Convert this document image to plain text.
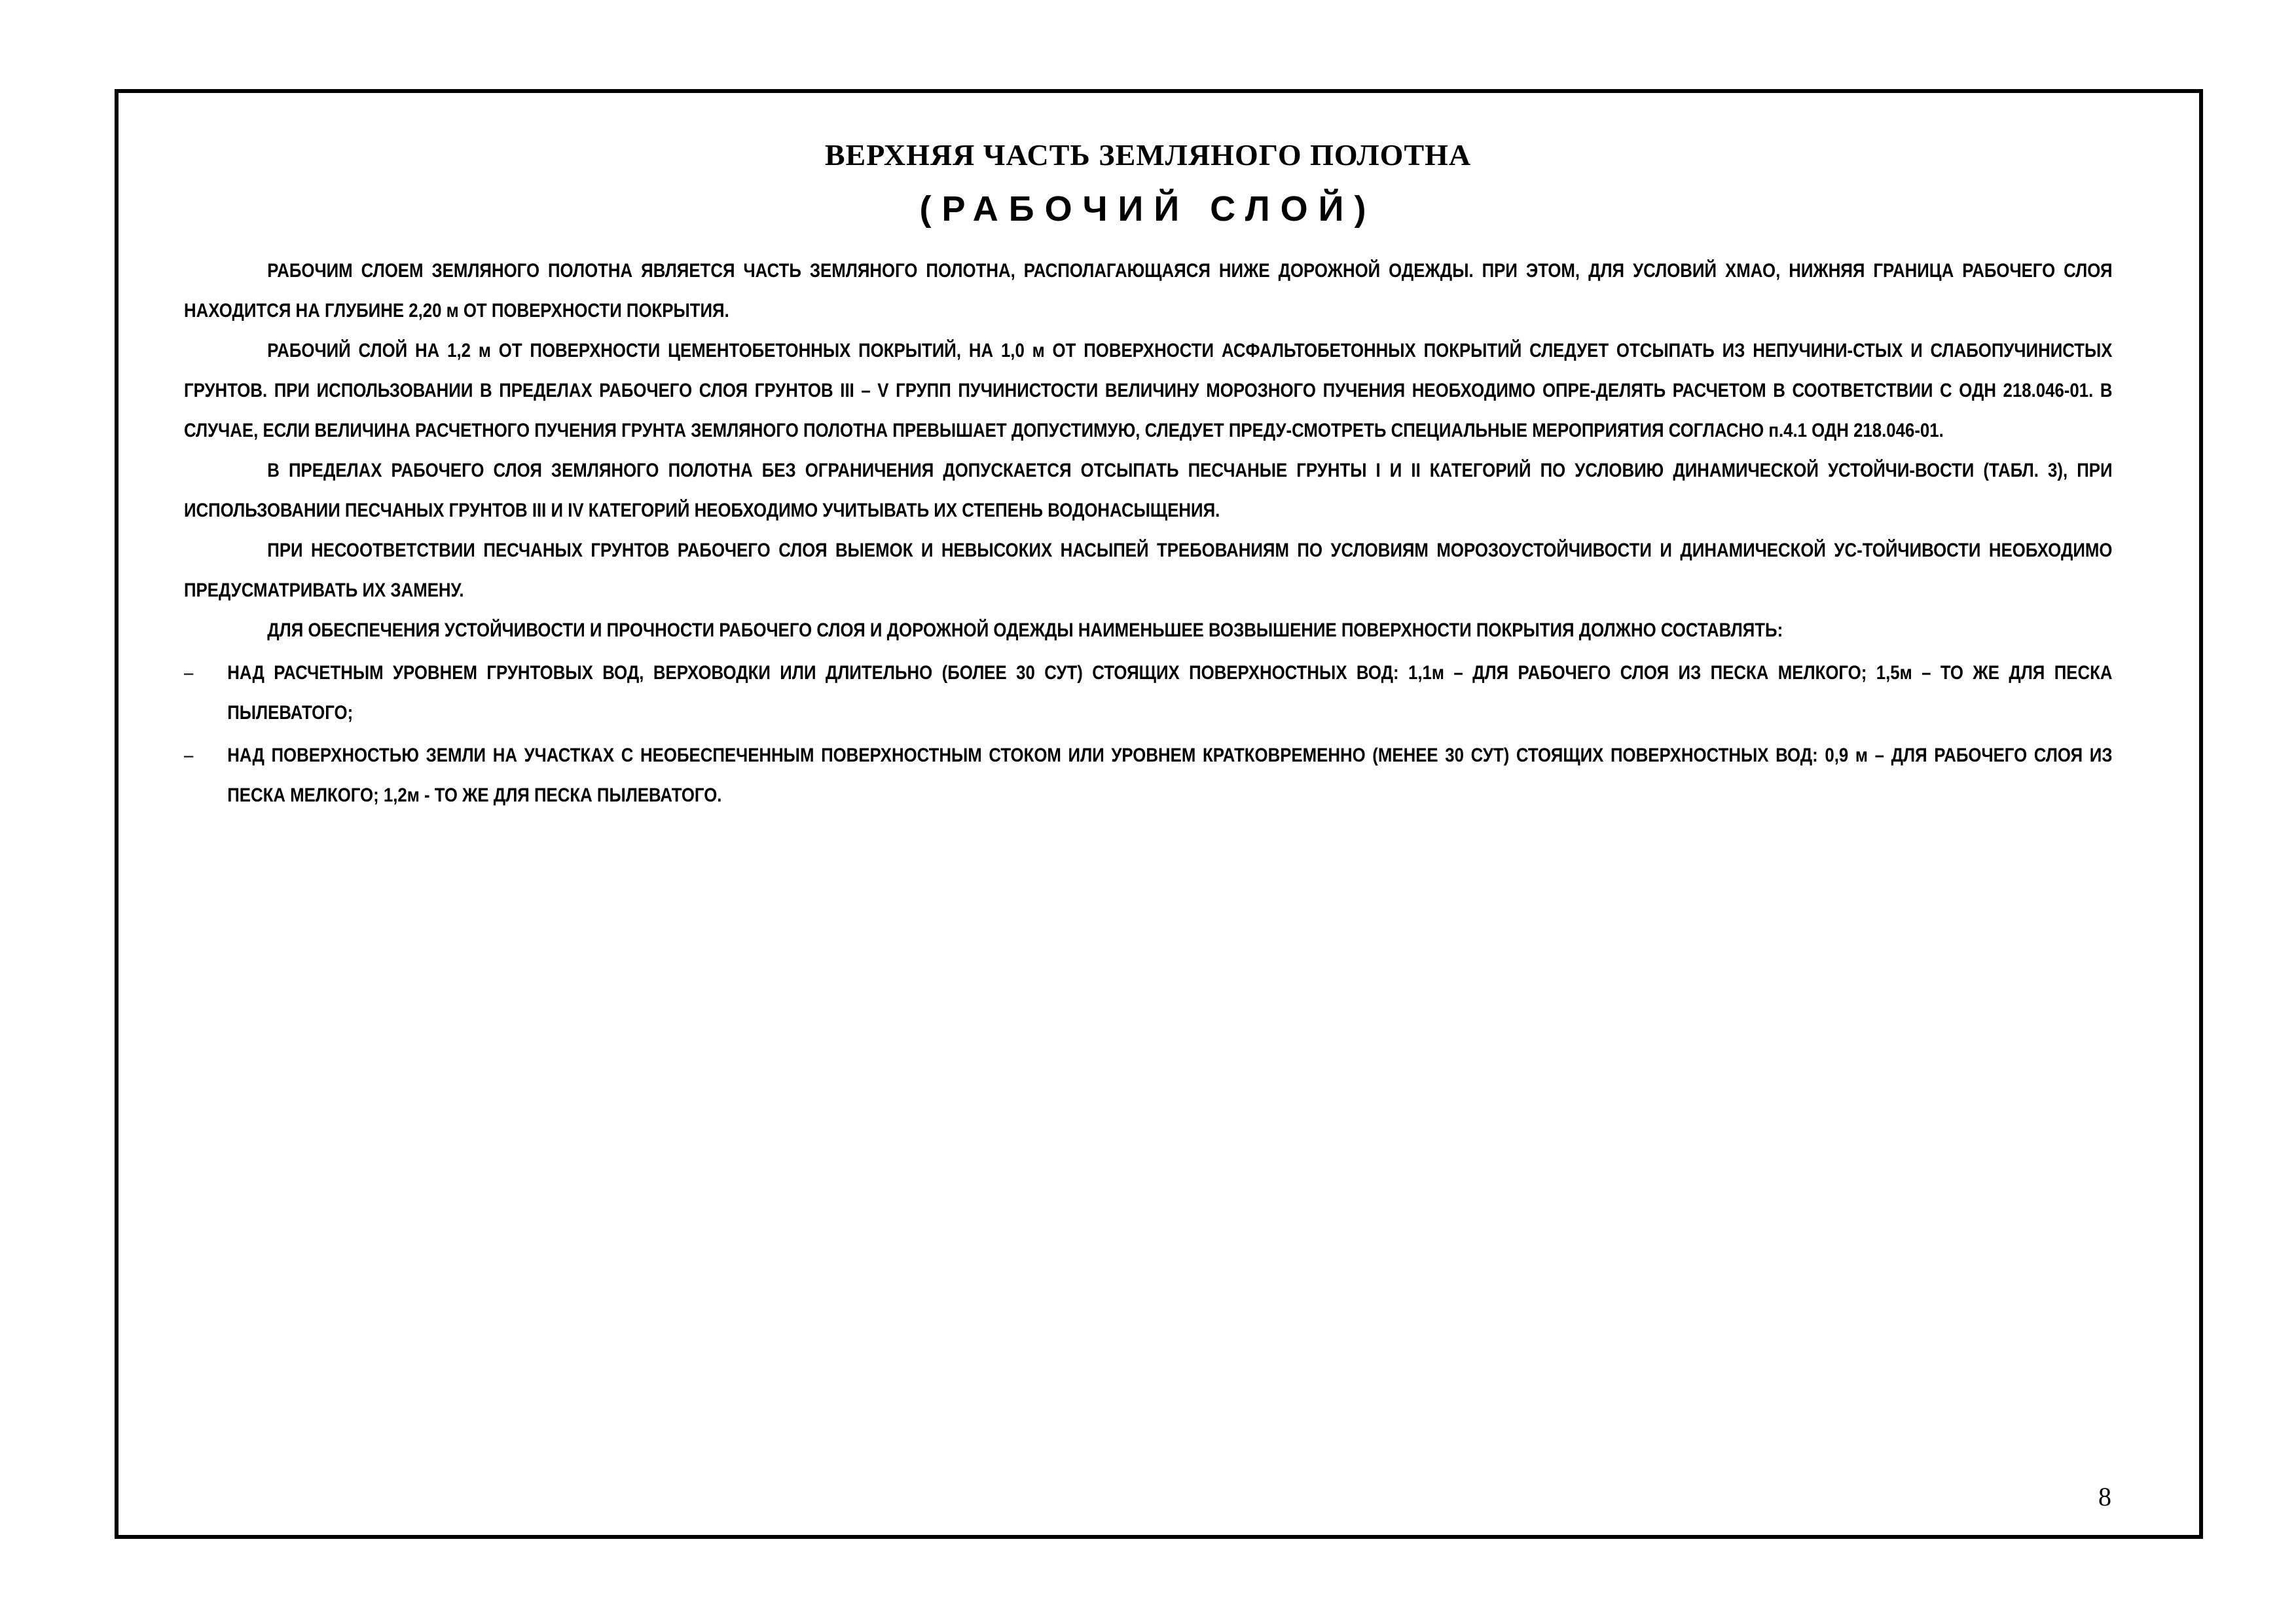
ВЕРХНЯЯ ЧАСТЬ ЗЕМЛЯНОГО ПОЛОТНА
(РАБОЧИЙ СЛОЙ)

РАБОЧИМ СЛОЕМ ЗЕМЛЯНОГО ПОЛОТНА ЯВЛЯЕТСЯ ЧАСТЬ ЗЕМЛЯНОГО ПОЛОТНА, РАСПОЛАГАЮЩАЯСЯ НИЖЕ ДОРОЖНОЙ ОДЕЖДЫ. ПРИ ЭТОМ, ДЛЯ УСЛОВИЙ ХМАО, НИЖНЯЯ ГРАНИЦА РАБОЧЕГО СЛОЯ НАХОДИТСЯ НА ГЛУБИНЕ 2,20 м ОТ ПОВЕРХНОСТИ ПОКРЫТИЯ.

РАБОЧИЙ СЛОЙ НА 1,2 м ОТ ПОВЕРХНОСТИ ЦЕМЕНТОБЕТОННЫХ ПОКРЫТИЙ, НА 1,0 м ОТ ПОВЕРХНОСТИ АСФАЛЬТОБЕТОННЫХ ПОКРЫТИЙ СЛЕДУЕТ ОТСЫПАТЬ ИЗ НЕПУЧИНИ-СТЫХ И СЛАБОПУЧИНИСТЫХ ГРУНТОВ. ПРИ ИСПОЛЬЗОВАНИИ В ПРЕДЕЛАХ РАБОЧЕГО СЛОЯ ГРУНТОВ III – V ГРУПП ПУЧИНИСТОСТИ ВЕЛИЧИНУ МОРОЗНОГО ПУЧЕНИЯ НЕОБХОДИМО ОПРЕ-ДЕЛЯТЬ РАСЧЕТОМ В СООТВЕТСТВИИ С ОДН 218.046-01. В СЛУЧАЕ, ЕСЛИ ВЕЛИЧИНА РАСЧЕТНОГО ПУЧЕНИЯ ГРУНТА ЗЕМЛЯНОГО ПОЛОТНА ПРЕВЫШАЕТ ДОПУСТИМУЮ, СЛЕДУЕТ ПРЕДУ-СМОТРЕТЬ СПЕЦИАЛЬНЫЕ МЕРОПРИЯТИЯ СОГЛАСНО п.4.1 ОДН 218.046-01.

В ПРЕДЕЛАХ РАБОЧЕГО СЛОЯ ЗЕМЛЯНОГО ПОЛОТНА БЕЗ ОГРАНИЧЕНИЯ ДОПУСКАЕТСЯ ОТСЫПАТЬ ПЕСЧАНЫЕ ГРУНТЫ I И II КАТЕГОРИЙ ПО УСЛОВИЮ ДИНАМИЧЕСКОЙ УСТОЙЧИ-ВОСТИ (ТАБЛ. 3), ПРИ ИСПОЛЬЗОВАНИИ ПЕСЧАНЫХ ГРУНТОВ III И IV КАТЕГОРИЙ НЕОБХОДИМО УЧИТЫВАТЬ ИХ СТЕПЕНЬ ВОДОНАСЫЩЕНИЯ.

ПРИ НЕСООТВЕТСТВИИ ПЕСЧАНЫХ ГРУНТОВ РАБОЧЕГО СЛОЯ ВЫЕМОК И НЕВЫСОКИХ НАСЫПЕЙ ТРЕБОВАНИЯМ ПО УСЛОВИЯМ МОРОЗОУСТОЙЧИВОСТИ И ДИНАМИЧЕСКОЙ УС-ТОЙЧИВОСТИ НЕОБХОДИМО ПРЕДУСМАТРИВАТЬ ИХ ЗАМЕНУ.

ДЛЯ ОБЕСПЕЧЕНИЯ УСТОЙЧИВОСТИ И ПРОЧНОСТИ РАБОЧЕГО СЛОЯ И ДОРОЖНОЙ ОДЕЖДЫ НАИМЕНЬШЕЕ ВОЗВЫШЕНИЕ ПОВЕРХНОСТИ ПОКРЫТИЯ ДОЛЖНО СОСТАВЛЯТЬ:

– НАД РАСЧЕТНЫМ УРОВНЕМ ГРУНТОВЫХ ВОД, ВЕРХОВОДКИ ИЛИ ДЛИТЕЛЬНО (БОЛЕЕ 30 СУТ) СТОЯЩИХ ПОВЕРХНОСТНЫХ ВОД: 1,1м – ДЛЯ РАБОЧЕГО СЛОЯ ИЗ ПЕСКА МЕЛКОГО; 1,5м – ТО ЖЕ ДЛЯ ПЕСКА ПЫЛЕВАТОГО;
– НАД ПОВЕРХНОСТЬЮ ЗЕМЛИ НА УЧАСТКАХ С НЕОБЕСПЕЧЕННЫМ ПОВЕРХНОСТНЫМ СТОКОМ ИЛИ УРОВНЕМ КРАТКОВРЕМЕННО (МЕНЕЕ 30 СУТ) СТОЯЩИХ ПОВЕРХНОСТНЫХ ВОД: 0,9 м – ДЛЯ РАБОЧЕГО СЛОЯ ИЗ ПЕСКА МЕЛКОГО; 1,2м - ТО ЖЕ ДЛЯ ПЕСКА ПЫЛЕВАТОГО.
8
